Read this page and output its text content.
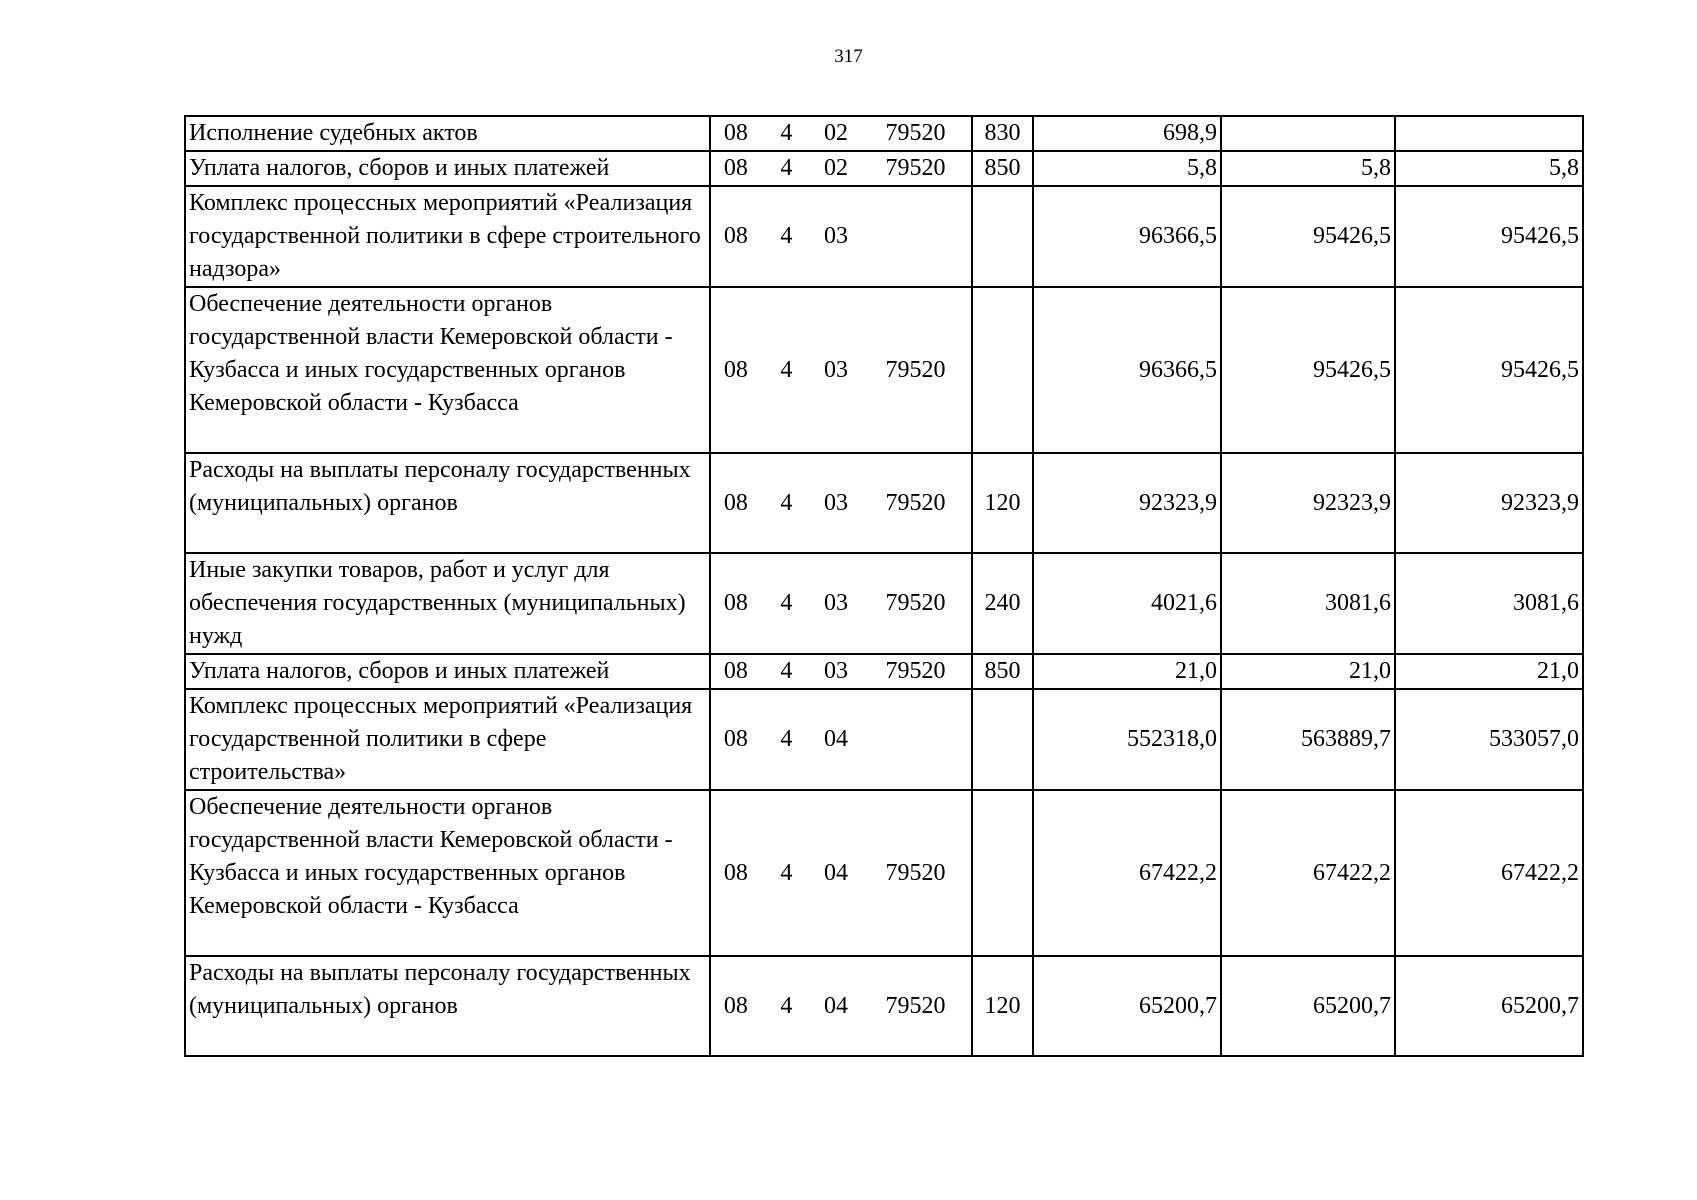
317
Исполнение судебных актов	08 4 02 79520	830	698,9		
Уплата налогов, сборов и иных платежей	08 4 02 79520	850	5,8	5,8	5,8
Комплекс процессных мероприятий «Реализация государственной политики в сфере строительного надзора»	08 4 03		96366,5	95426,5	95426,5
Обеспечение деятельности органов государственной власти Кемеровской области - Кузбасса и иных государственных органов Кемеровской области - Кузбасса	08 4 03 79520		96366,5	95426,5	95426,5
Расходы на выплаты персоналу государственных (муниципальных) органов	08 4 03 79520	120	92323,9	92323,9	92323,9
Иные закупки товаров, работ и услуг для обеспечения государственных (муниципальных) нужд	08 4 03 79520	240	4021,6	3081,6	3081,6
Уплата налогов, сборов и иных платежей	08 4 03 79520	850	21,0	21,0	21,0
Комплекс процессных мероприятий «Реализация государственной политики в сфере строительства»	08 4 04		552318,0	563889,7	533057,0
Обеспечение деятельности органов государственной власти Кемеровской области - Кузбасса и иных государственных органов Кемеровской области - Кузбасса	08 4 04 79520		67422,2	67422,2	67422,2
Расходы на выплаты персоналу государственных (муниципальных) органов	08 4 04 79520	120	65200,7	65200,7	65200,7
